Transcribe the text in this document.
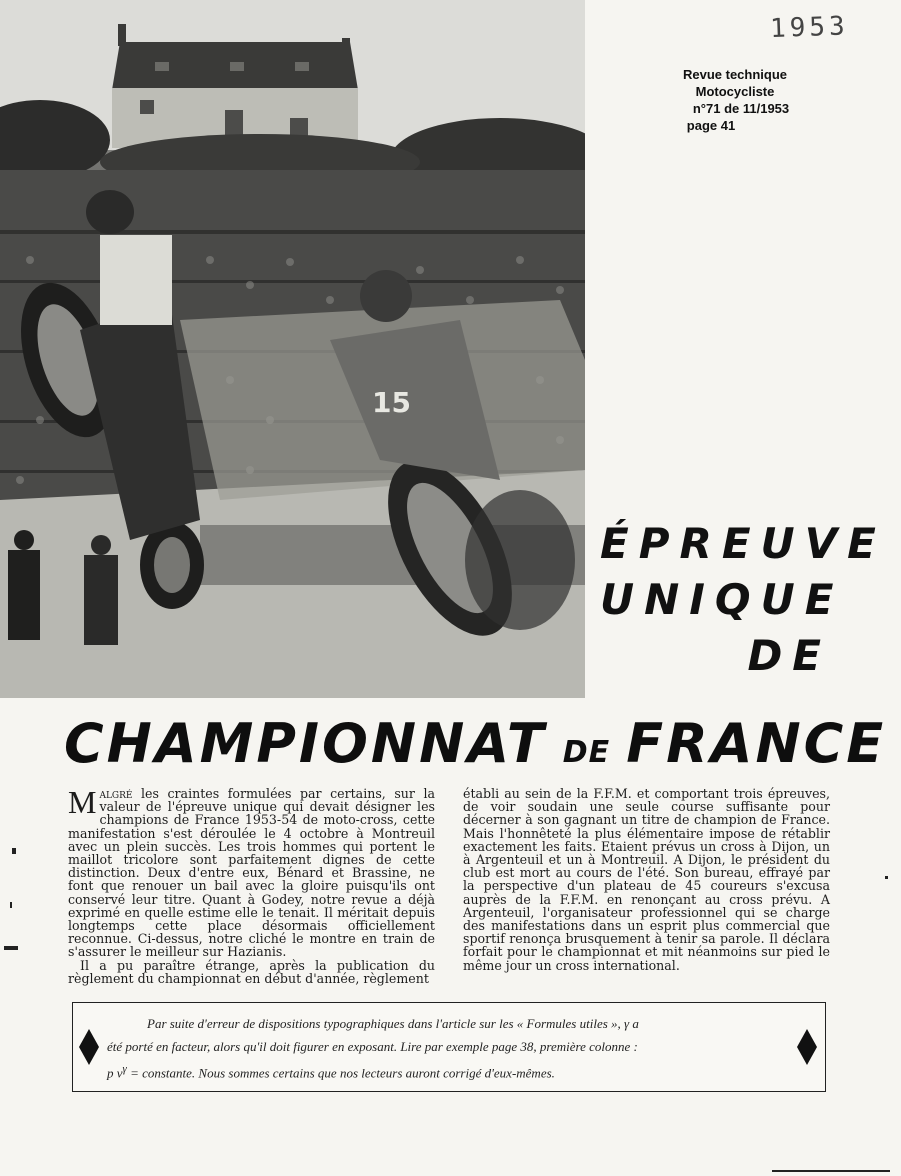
15
1953
Revue technique
Motocycliste
n°71 de 11/1953
page 41
ÉPREUVE
UNIQUE
DE
CHAMPIONNAT DE FRANCE

Malgré les craintes formulées par certains, sur la valeur de l'épreuve unique qui devait désigner les champions de France 1953-54 de moto-cross, cette manifestation s'est déroulée le 4 octobre à Montreuil avec un plein succès. Les trois hommes qui portent le maillot tricolore sont parfaitement dignes de cette distinction. Deux d'entre eux, Bénard et Brassine, ne font que renouer un bail avec la gloire puisqu'ils ont conservé leur titre. Quant à Godey, notre revue a déjà exprimé en quelle estime elle le tenait. Il méritait depuis longtemps cette place désormais officiellement reconnue. Ci-dessus, notre cliché le montre en train de s'assurer le meilleur sur Hazianis.

Il a pu paraître étrange, après la publication du règlement du championnat en début d'année, règlement

établi au sein de la F.F.M. et comportant trois épreuves, de voir soudain une seule course suffisante pour décerner à son gagnant un titre de champion de France. Mais l'honnêteté la plus élémentaire impose de rétablir exactement les faits. Etaient prévus un cross à Dijon, un à Argenteuil et un à Montreuil. A Dijon, le président du club est mort au cours de l'été. Son bureau, effrayé par la perspective d'un plateau de 45 coureurs s'excusa auprès de la F.F.M. en renonçant au cross prévu. A Argenteuil, l'organisateur professionnel qui se charge des manifestations dans un esprit plus commercial que sportif renonça brusquement à tenir sa parole. Il déclara forfait pour le championnat et mit néanmoins sur pied le même jour un cross international.

Par suite d'erreur de dispositions typographiques dans l'article sur les « Formules utiles », γ a
été porté en facteur, alors qu'il doit figurer en exposant. Lire par exemple page 38, première colonne :
p $v^\gamma$ = constante. Nous sommes certains que nos lecteurs auront corrigé d'eux-mêmes.
